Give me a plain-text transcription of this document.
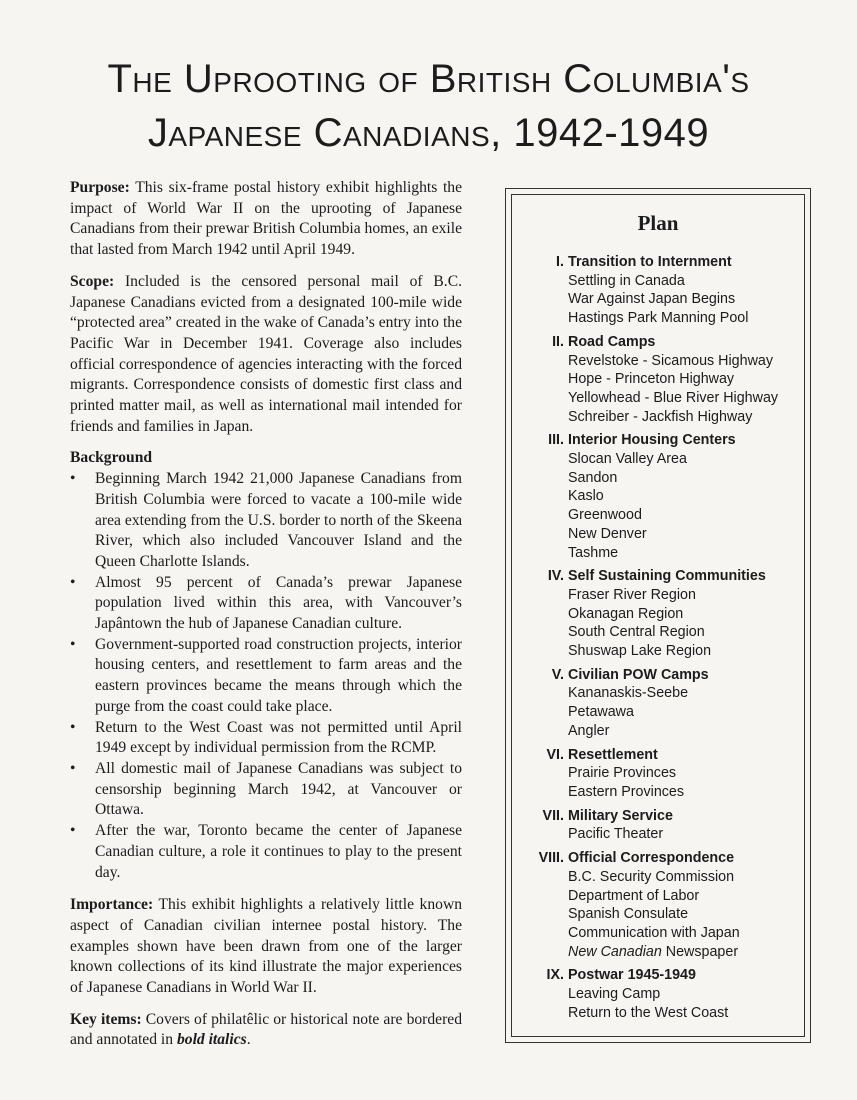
The Uprooting of British Columbia's
Japanese Canadians, 1942-1949

Purpose: This six-frame postal history exhibit highlights the impact of World War II on the uprooting of Japanese Canadians from their prewar British Columbia homes, an exile that lasted from March 1942 until April 1949.

Scope: Included is the censored personal mail of B.C. Japanese Canadians evicted from a designated 100-mile wide “protected area” created in the wake of Canada’s entry into the Pacific War in December 1941. Coverage also includes official correspondence of agencies interacting with the forced migrants. Correspondence consists of domestic first class and printed matter mail, as well as international mail intended for friends and families in Japan.

Background

• Beginning March 1942 21,000 Japanese Canadians from British Columbia were forced to vacate a 100-mile wide area extending from the U.S. border to north of the Skeena River, which also included Vancouver Island and the Queen Charlotte Islands.
• Almost 95 percent of Canada’s prewar Japanese population lived within this area, with Vancouver’s Japântown the hub of Japanese Canadian culture.
• Government-supported road construction projects, interior housing centers, and resettlement to farm areas and the eastern provinces became the means through which the purge from the coast could take place.
• Return to the West Coast was not permitted until April 1949 except by individual permission from the RCMP.
• All domestic mail of Japanese Canadians was subject to censorship beginning March 1942, at Vancouver or Ottawa.
• After the war, Toronto became the center of Japanese Canadian culture, a role it continues to play to the present day.

Importance: This exhibit highlights a relatively little known aspect of Canadian civilian internee postal history. The examples shown have been drawn from one of the larger known collections of its kind illustrate the major experiences of Japanese Canadians in World War II.

Key items: Covers of philatêlic or historical note are bordered and annotated in bold italics.

Plan
I. Transition to Internment
Settling in Canada
War Against Japan Begins
Hastings Park Manning Pool
II. Road Camps
Revelstoke - Sicamous Highway
Hope - Princeton Highway
Yellowhead - Blue River Highway
Schreiber - Jackfish Highway
III. Interior Housing Centers
Slocan Valley Area
Sandon
Kaslo
Greenwood
New Denver
Tashme
IV. Self Sustaining Communities
Fraser River Region
Okanagan Region
South Central Region
Shuswap Lake Region
V. Civilian POW Camps
Kananaskis-Seebe
Petawawa
Angler
VI. Resettlement
Prairie Provinces
Eastern Provinces
VII. Military Service
Pacific Theater
VIII. Official Correspondence
B.C. Security Commission
Department of Labor
Spanish Consulate
Communication with Japan
New Canadian Newspaper
IX. Postwar 1945-1949
Leaving Camp
Return to the West Coast
